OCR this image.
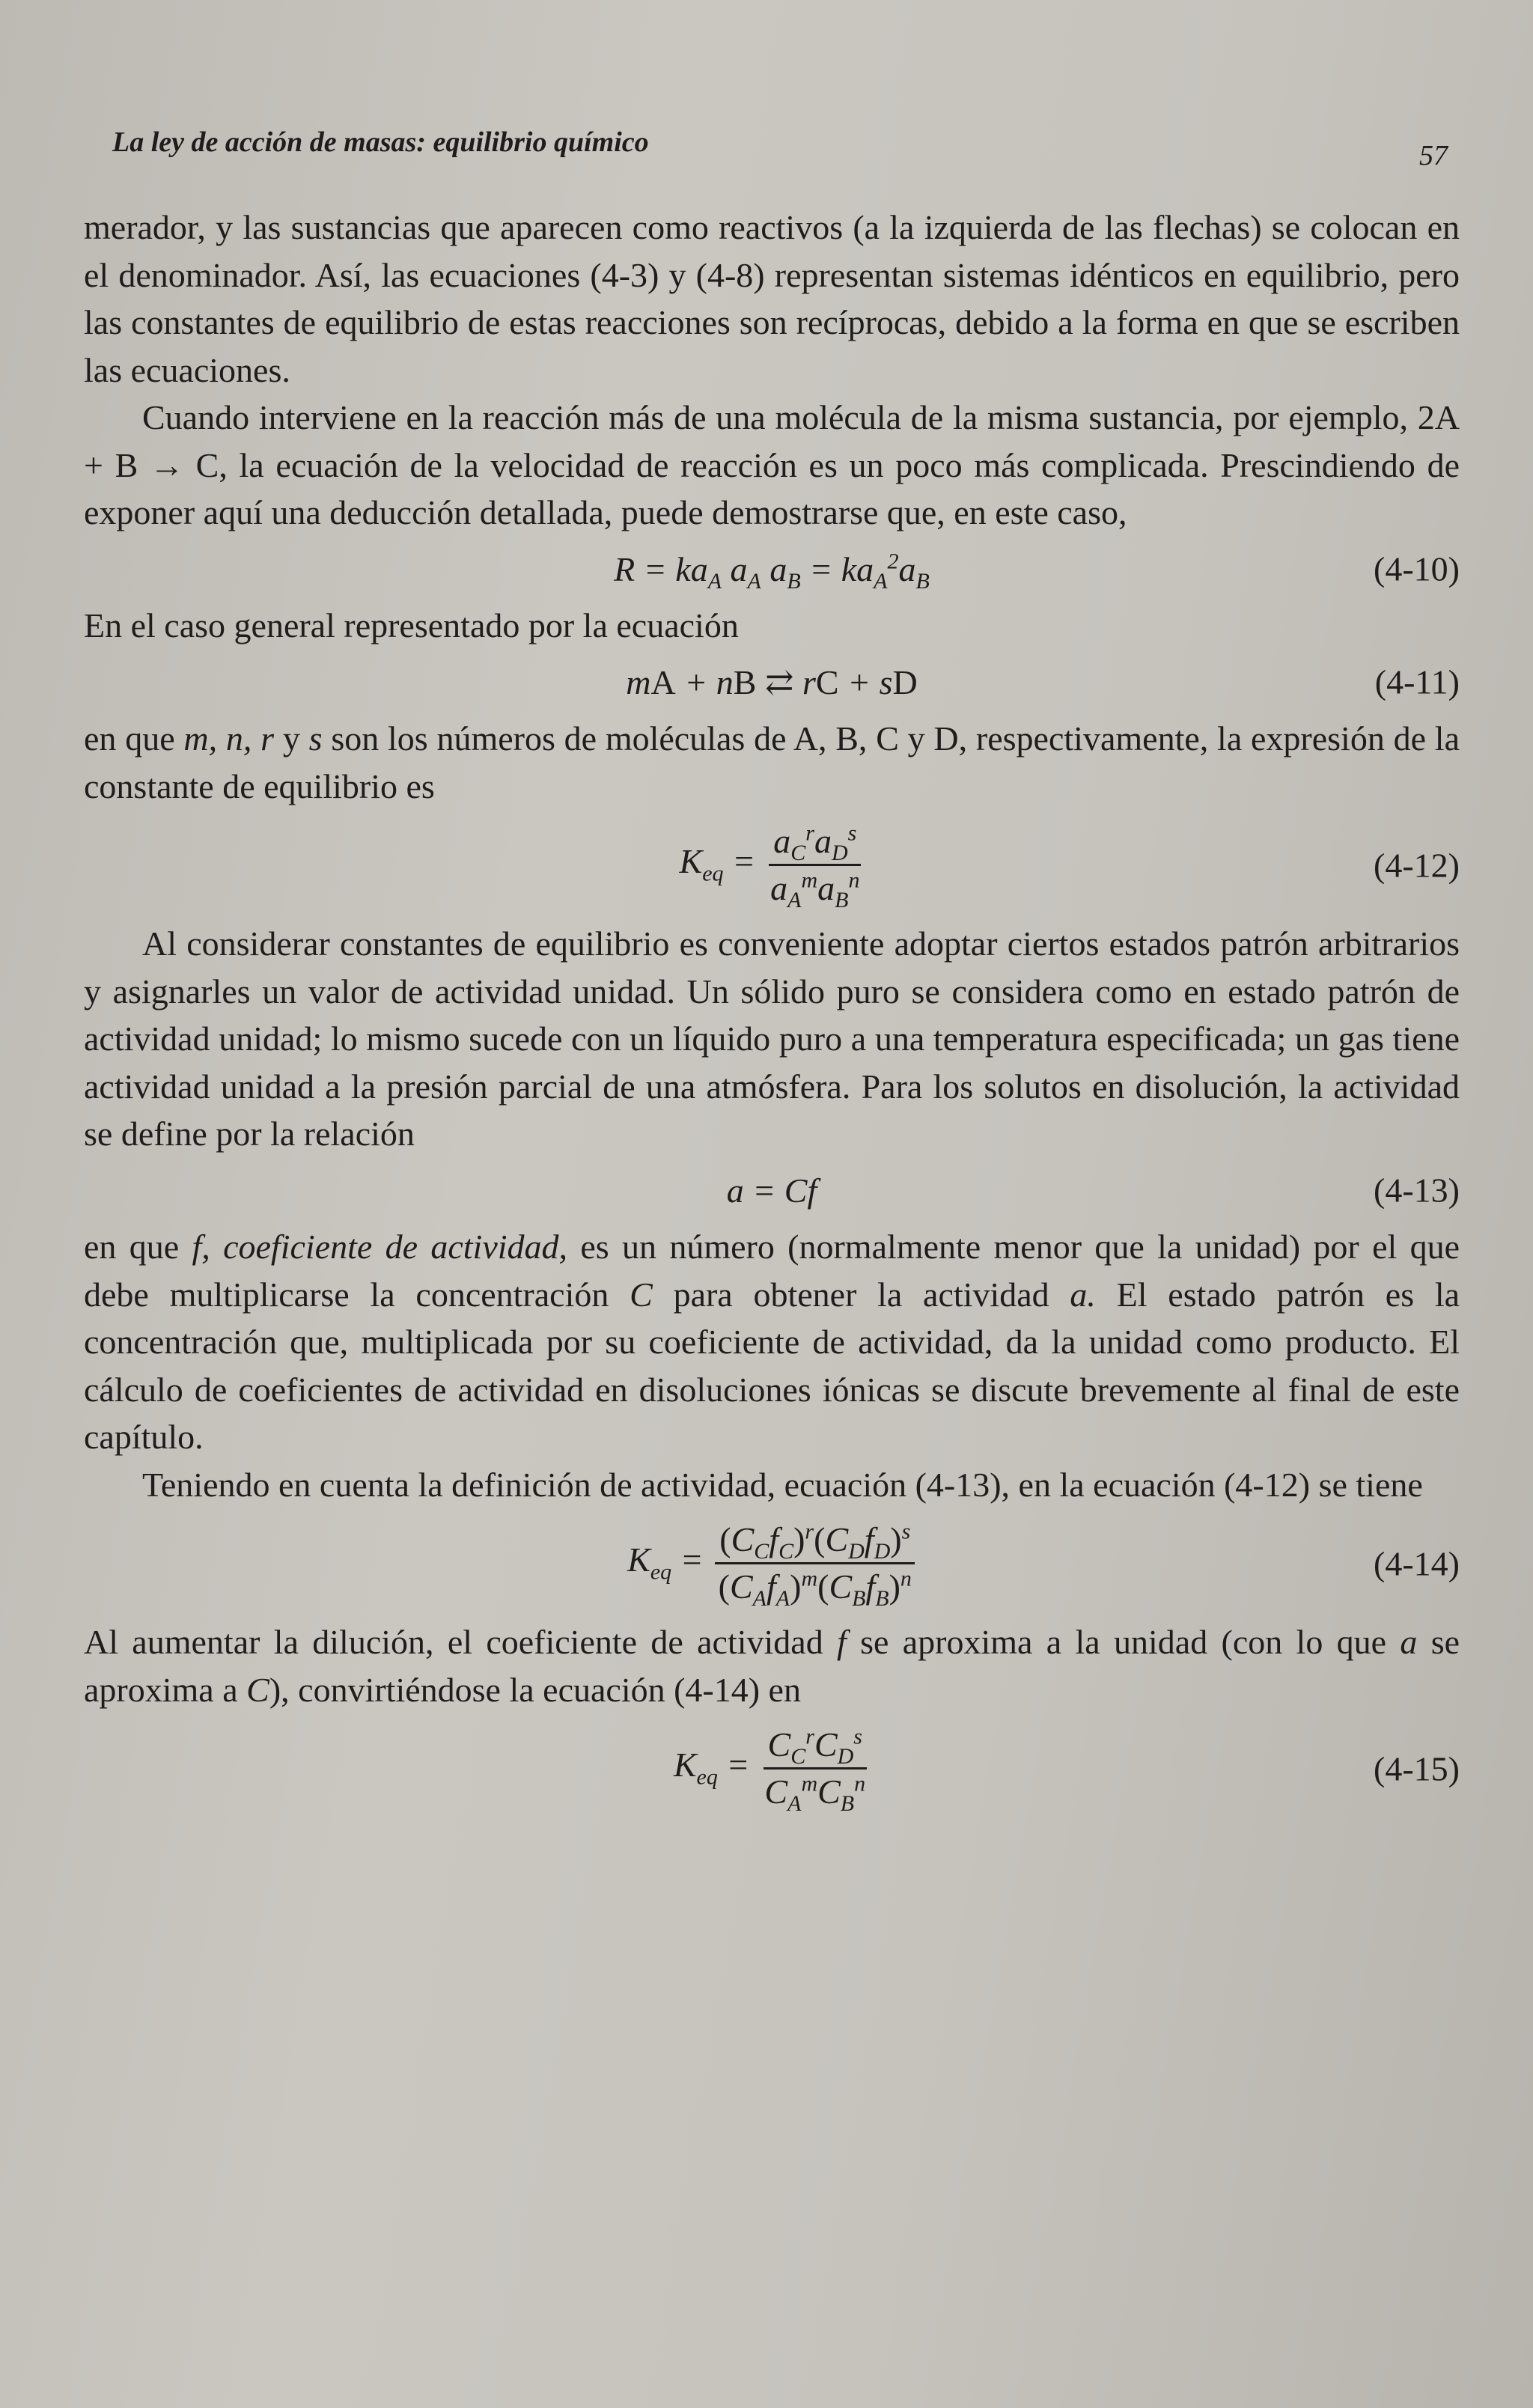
La ley de acción de masas: equilibrio químico	57

merador, y las sustancias que aparecen como reactivos (a la izquierda de las flechas) se colocan en el denominador. Así, las ecuaciones (4-3) y (4-8) representan sistemas idénticos en equilibrio, pero las constantes de equilibrio de estas reacciones son recíprocas, debido a la forma en que se escriben las ecuaciones.

Cuando interviene en la reacción más de una molécula de la misma sustancia, por ejemplo, 2A + B → C, la ecuación de la velocidad de reacción es un poco más complicada. Prescindiendo de exponer aquí una deducción detallada, puede demostrarse que, en este caso,

$R = ka_A$ $a_A$ $a_B = ka_A^2a_B$	(4-10)

En el caso general representado por la ecuación

mA + nB ⇄ rC + sD	(4-11)

en que m, n, r y s son los números de moléculas de A, B, C y D, respectivamente, la expresión de la constante de equilibrio es

$K_{eq} = \frac{a_C^ra_D^s}{a_A^ma_B^n}$	(4-12)

Al considerar constantes de equilibrio es conveniente adoptar ciertos estados patrón arbitrarios y asignarles un valor de actividad unidad. Un sólido puro se considera como en estado patrón de actividad unidad; lo mismo sucede con un líquido puro a una temperatura especificada; un gas tiene actividad unidad a la presión parcial de una atmósfera. Para los solutos en disolución, la actividad se define por la relación

a = Cf	(4-13)

en que f, coeficiente de actividad, es un número (normalmente menor que la unidad) por el que debe multiplicarse la concentración C para obtener la actividad a. El estado patrón es la concentración que, multiplicada por su coeficiente de actividad, da la unidad como producto. El cálculo de coeficientes de actividad en disoluciones iónicas se discute brevemente al final de este capítulo.

Teniendo en cuenta la definición de actividad, ecuación (4-13), en la ecuación (4-12) se tiene

$K_{eq} = \frac{(C_Cf_C)^r(C_Df_D)^s}{(C_Af_A)^m(C_Bf_B)^n}$	(4-14)

Al aumentar la dilución, el coeficiente de actividad f se aproxima a la unidad (con lo que a se aproxima a C), convirtiéndose la ecuación (4-14) en

$K_{eq} = \frac{C_C^rC_D^s}{C_A^mC_B^n}$	(4-15)
